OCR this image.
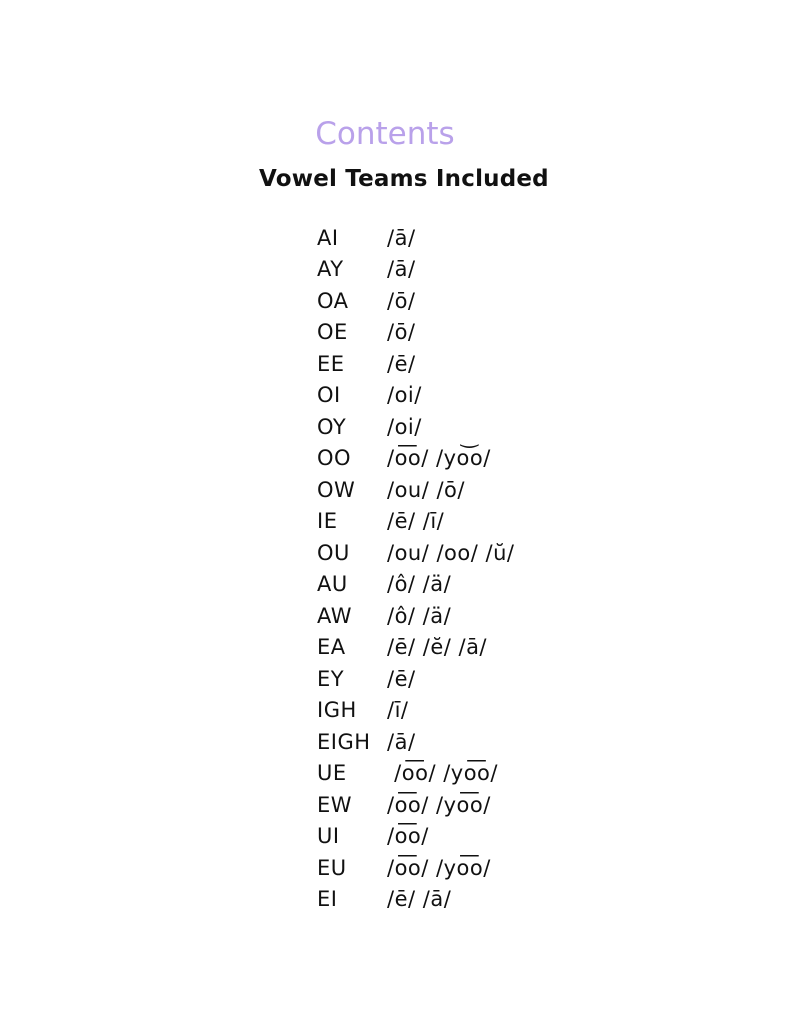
Contents
Vowel Teams Included
AI	/ā/
AY	/ā/
OA	/ō/
OE	/ō/
EE	/ē/
OI	/oi/
OY	/oi/
OO	/o͞o/ /yo͝o/
OW	/ou/ /ō/
IE	/ē/ /ī/
OU	/ou/ /oo/ /ŭ/
AU	/ô/ /ä/
AW	/ô/ /ä/
EA	/ē/ /ĕ/ /ā/
EY	/ē/
IGH	/ī/
EIGH /ā/
UE	/o͞o/ /yo͞o/
EW	/o͞o/ /yo͞o/
UI	/o͞o/
EU	/o͞o/ /yo͞o/
EI	/ē/ /ā/
